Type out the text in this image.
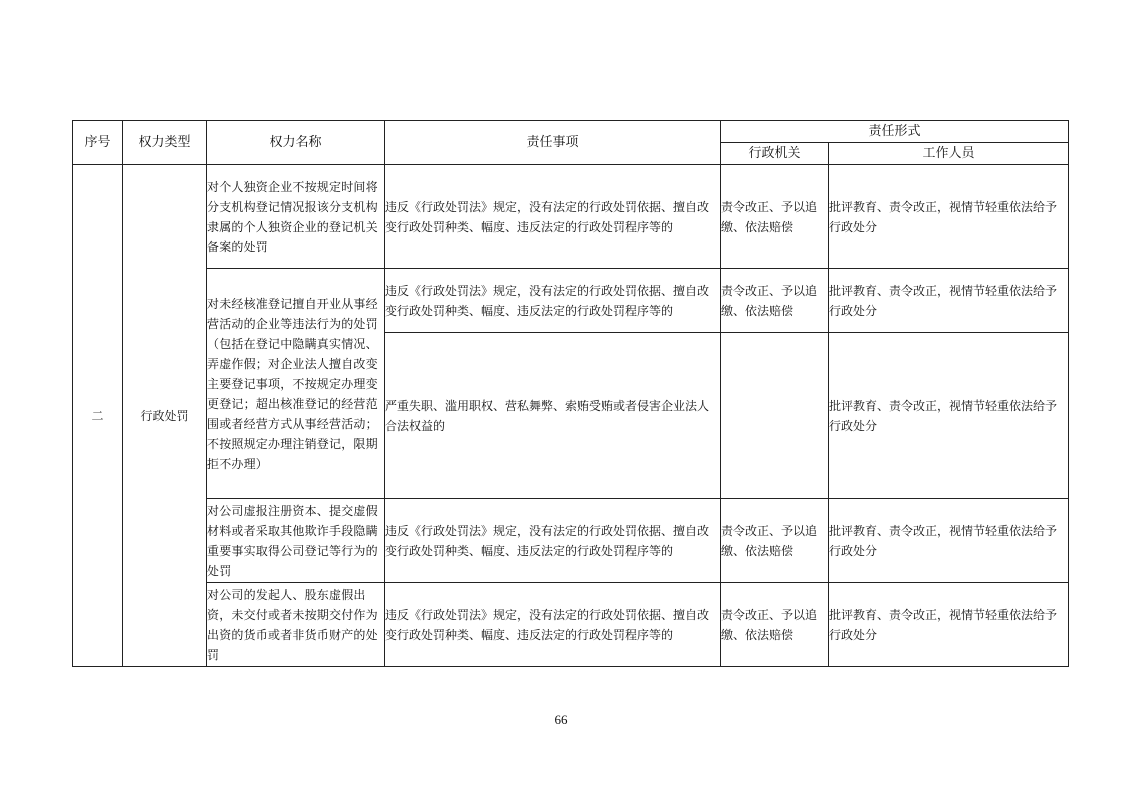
序号	权力类型	权力名称	责任事项	责任形式	
				行政机关	工作人员
二	行政处罚	对个人独资企业不按规定时间将分支机构登记情况报该分支机构隶属的个人独资企业的登记机关备案的处罚	违反《行政处罚法》规定，没有法定的行政处罚依据、擅自改变行政处罚种类、幅度、违反法定的行政处罚程序等的	责令改正、予以追缴、依法赔偿	批评教育、责令改正，视情节轻重依法给予行政处分
		对未经核准登记擅自开业从事经营活动的企业等违法行为的处罚（包括在登记中隐瞒真实情况、弄虚作假；对企业法人擅自改变主要登记事项，不按规定办理变更登记；超出核准登记的经营范围或者经营方式从事经营活动；不按照规定办理注销登记，限期拒不办理）	违反《行政处罚法》规定，没有法定的行政处罚依据、擅自改变行政处罚种类、幅度、违反法定的行政处罚程序等的	责令改正、予以追缴、依法赔偿	批评教育、责令改正，视情节轻重依法给予行政处分
			严重失职、滥用职权、营私舞弊、索贿受贿或者侵害企业法人合法权益的		批评教育、责令改正，视情节轻重依法给予行政处分
		对公司虚报注册资本、提交虚假材料或者采取其他欺诈手段隐瞒重要事实取得公司登记等行为的处罚	违反《行政处罚法》规定，没有法定的行政处罚依据、擅自改变行政处罚种类、幅度、违反法定的行政处罚程序等的	责令改正、予以追缴、依法赔偿	批评教育、责令改正，视情节轻重依法给予行政处分
		对公司的发起人、股东虚假出资，未交付或者未按期交付作为出资的货币或者非货币财产的处罚	违反《行政处罚法》规定，没有法定的行政处罚依据、擅自改变行政处罚种类、幅度、违反法定的行政处罚程序等的	责令改正、予以追缴、依法赔偿	批评教育、责令改正，视情节轻重依法给予行政处分
66
